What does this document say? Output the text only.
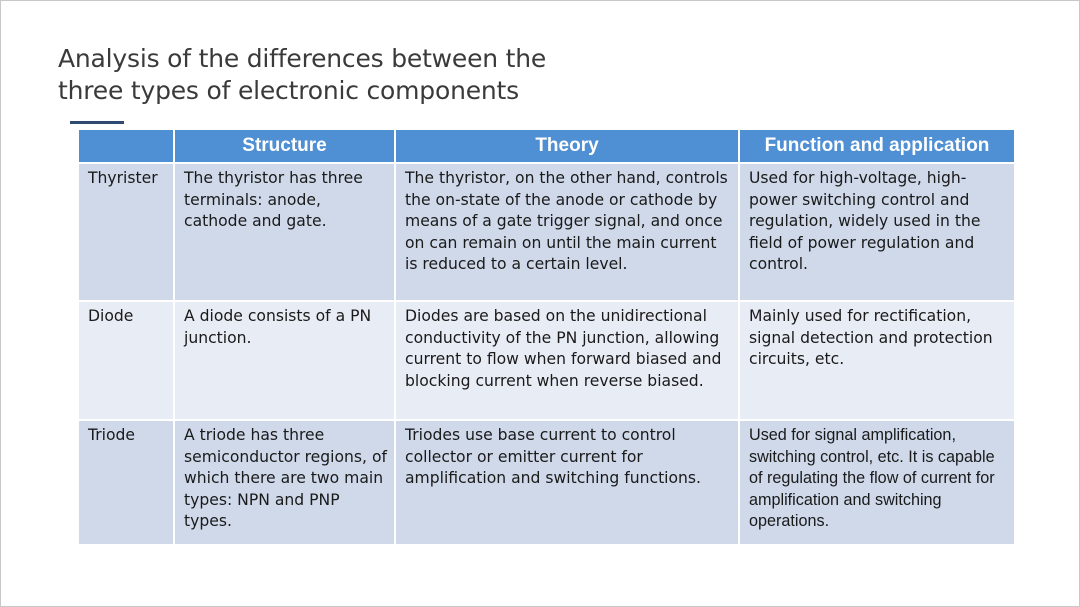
Analysis of the differences between the
three types of electronic components
	Structure	Theory	Function and application
Thyrister	The thyristor has three terminals: anode, cathode and gate.	The thyristor, on the other hand, controls the on-state of the anode or cathode by means of a gate trigger signal, and once on can remain on until the main current is reduced to a certain level.	Used for high-voltage, high-power switching control and regulation, widely used in the field of power regulation and control.
Diode	A diode consists of a PN junction.	Diodes are based on the unidirectional conductivity of the PN junction, allowing current to flow when forward biased and blocking current when reverse biased.	Mainly used for rectification, signal detection and protection circuits, etc.
Triode	A triode has three semiconductor regions, of which there are two main types: NPN and PNP types.	Triodes use base current to control collector or emitter current for amplification and switching functions.	Used for signal amplification, switching control, etc. It is capable of regulating the flow of current for amplification and switching operations.
